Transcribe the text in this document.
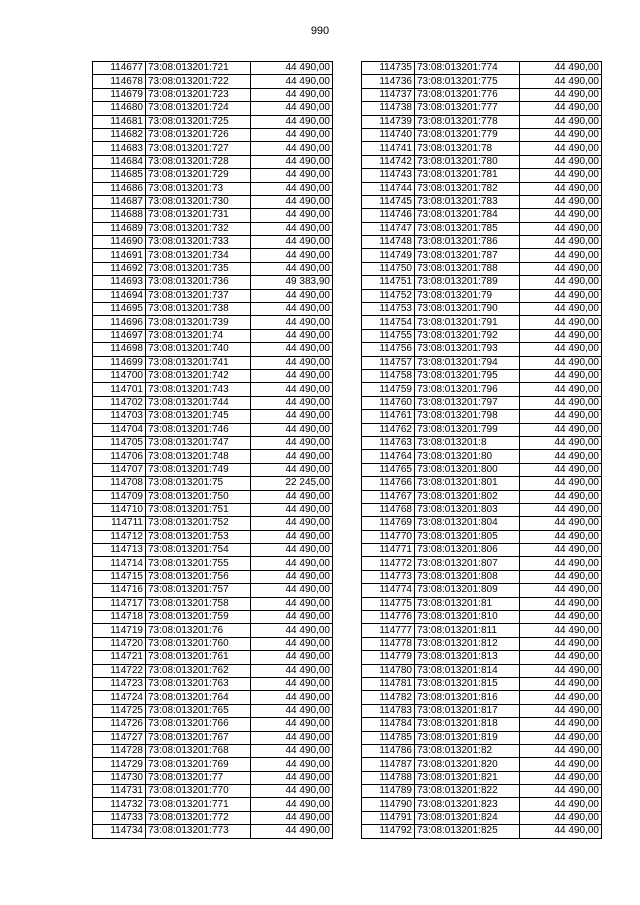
990
114677	73:08:013201:721	44 490,00
114678	73:08:013201:722	44 490,00
114679	73:08:013201:723	44 490,00
114680	73:08:013201:724	44 490,00
114681	73:08:013201:725	44 490,00
114682	73:08:013201:726	44 490,00
114683	73:08:013201:727	44 490,00
114684	73:08:013201:728	44 490,00
114685	73:08:013201:729	44 490,00
114686	73:08:013201:73	44 490,00
114687	73:08:013201:730	44 490,00
114688	73:08:013201:731	44 490,00
114689	73:08:013201:732	44 490,00
114690	73:08:013201:733	44 490,00
114691	73:08:013201:734	44 490,00
114692	73:08:013201:735	44 490,00
114693	73:08:013201:736	49 383,90
114694	73:08:013201:737	44 490,00
114695	73:08:013201:738	44 490,00
114696	73:08:013201:739	44 490,00
114697	73:08:013201:74	44 490,00
114698	73:08:013201:740	44 490,00
114699	73:08:013201:741	44 490,00
114700	73:08:013201:742	44 490,00
114701	73:08:013201:743	44 490,00
114702	73:08:013201:744	44 490,00
114703	73:08:013201:745	44 490,00
114704	73:08:013201:746	44 490,00
114705	73:08:013201:747	44 490,00
114706	73:08:013201:748	44 490,00
114707	73:08:013201:749	44 490,00
114708	73:08:013201:75	22 245,00
114709	73:08:013201:750	44 490,00
114710	73:08:013201:751	44 490,00
114711	73:08:013201:752	44 490,00
114712	73:08:013201:753	44 490,00
114713	73:08:013201:754	44 490,00
114714	73:08:013201:755	44 490,00
114715	73:08:013201:756	44 490,00
114716	73:08:013201:757	44 490,00
114717	73:08:013201:758	44 490,00
114718	73:08:013201:759	44 490,00
114719	73:08:013201:76	44 490,00
114720	73:08:013201:760	44 490,00
114721	73:08:013201:761	44 490,00
114722	73:08:013201:762	44 490,00
114723	73:08:013201:763	44 490,00
114724	73:08:013201:764	44 490,00
114725	73:08:013201:765	44 490,00
114726	73:08:013201:766	44 490,00
114727	73:08:013201:767	44 490,00
114728	73:08:013201:768	44 490,00
114729	73:08:013201:769	44 490,00
114730	73:08:013201:77	44 490,00
114731	73:08:013201:770	44 490,00
114732	73:08:013201:771	44 490,00
114733	73:08:013201:772	44 490,00
114734	73:08:013201:773	44 490,00
114735	73:08:013201:774	44 490,00
114736	73:08:013201:775	44 490,00
114737	73:08:013201:776	44 490,00
114738	73:08:013201:777	44 490,00
114739	73:08:013201:778	44 490,00
114740	73:08:013201:779	44 490,00
114741	73:08:013201:78	44 490,00
114742	73:08:013201:780	44 490,00
114743	73:08:013201:781	44 490,00
114744	73:08:013201:782	44 490,00
114745	73:08:013201:783	44 490,00
114746	73:08:013201:784	44 490,00
114747	73:08:013201:785	44 490,00
114748	73:08:013201:786	44 490,00
114749	73:08:013201:787	44 490,00
114750	73:08:013201:788	44 490,00
114751	73:08:013201:789	44 490,00
114752	73:08:013201:79	44 490,00
114753	73:08:013201:790	44 490,00
114754	73:08:013201:791	44 490,00
114755	73:08:013201:792	44 490,00
114756	73:08:013201:793	44 490,00
114757	73:08:013201:794	44 490,00
114758	73:08:013201:795	44 490,00
114759	73:08:013201:796	44 490,00
114760	73:08:013201:797	44 490,00
114761	73:08:013201:798	44 490,00
114762	73:08:013201:799	44 490,00
114763	73:08:013201:8	44 490,00
114764	73:08:013201:80	44 490,00
114765	73:08:013201:800	44 490,00
114766	73:08:013201:801	44 490,00
114767	73:08:013201:802	44 490,00
114768	73:08:013201:803	44 490,00
114769	73:08:013201:804	44 490,00
114770	73:08:013201:805	44 490,00
114771	73:08:013201:806	44 490,00
114772	73:08:013201:807	44 490,00
114773	73:08:013201:808	44 490,00
114774	73:08:013201:809	44 490,00
114775	73:08:013201:81	44 490,00
114776	73:08:013201:810	44 490,00
114777	73:08:013201:811	44 490,00
114778	73:08:013201:812	44 490,00
114779	73:08:013201:813	44 490,00
114780	73:08:013201:814	44 490,00
114781	73:08:013201:815	44 490,00
114782	73:08:013201:816	44 490,00
114783	73:08:013201:817	44 490,00
114784	73:08:013201:818	44 490,00
114785	73:08:013201:819	44 490,00
114786	73:08:013201:82	44 490,00
114787	73:08:013201:820	44 490,00
114788	73:08:013201:821	44 490,00
114789	73:08:013201:822	44 490,00
114790	73:08:013201:823	44 490,00
114791	73:08:013201:824	44 490,00
114792	73:08:013201:825	44 490,00
